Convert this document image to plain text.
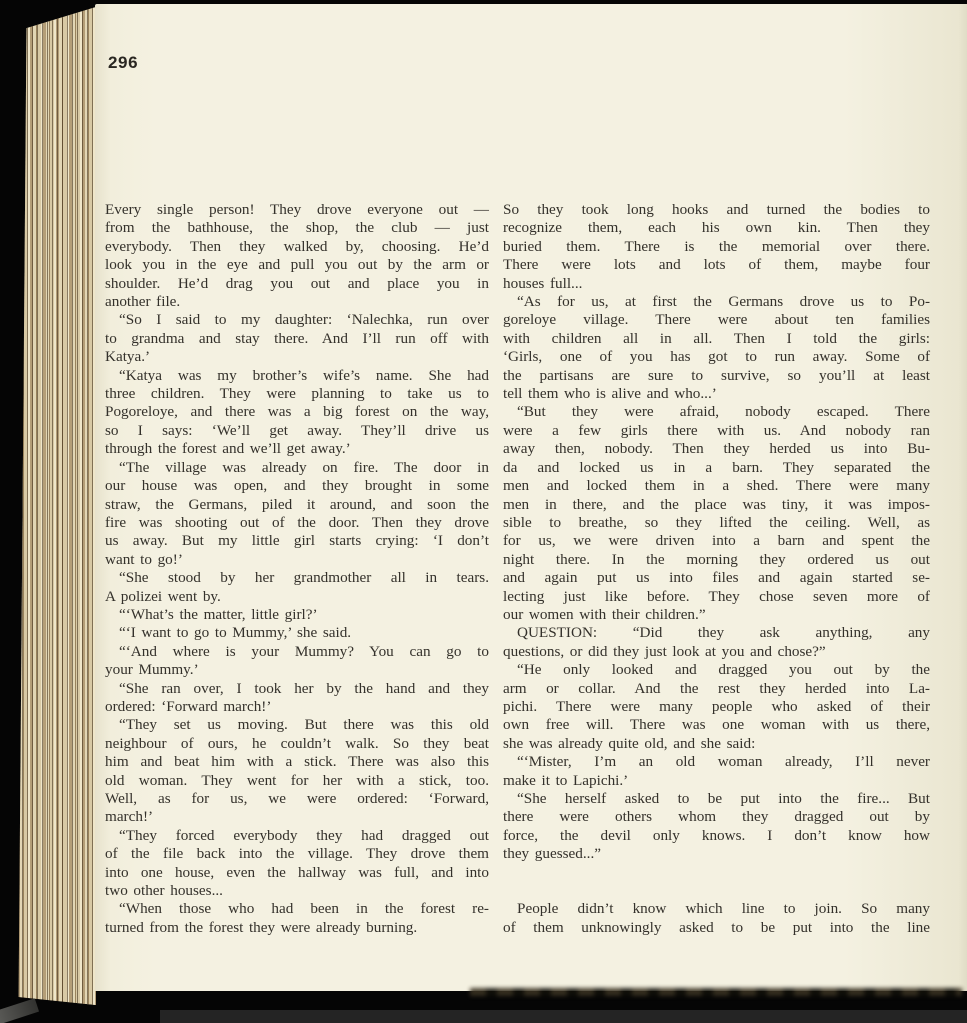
296
Every single person! They drove everyone out —
from the bathhouse, the shop, the club — just
everybody. Then they walked by, choosing. He’d
look you in the eye and pull you out by the arm or
shoulder. He’d drag you out and place you in
another file.
“So I said to my daughter: ‘Nalechka, run over
to grandma and stay there. And I’ll run off with
Katya.’
“Katya was my brother’s wife’s name. She had
three children. They were planning to take us to
Pogoreloye, and there was a big forest on the way,
so I says: ‘We’ll get away. They’ll drive us
through the forest and we’ll get away.’
“The village was already on fire. The door in
our house was open, and they brought in some
straw, the Germans, piled it around, and soon the
fire was shooting out of the door. Then they drove
us away. But my little girl starts crying: ‘I don’t
want to go!’
“She stood by her grandmother all in tears.
A polizei went by.
“‘What’s the matter, little girl?’
“‘I want to go to Mummy,’ she said.
“‘And where is your Mummy? You can go to
your Mummy.’
“She ran over, I took her by the hand and they
ordered: ‘Forward march!’
“They set us moving. But there was this old
neighbour of ours, he couldn’t walk. So they beat
him and beat him with a stick. There was also this
old woman. They went for her with a stick, too.
Well, as for us, we were ordered: ‘Forward,
march!’
“They forced everybody they had dragged out
of the file back into the village. They drove them
into one house, even the hallway was full, and into
two other houses...
“When those who had been in the forest re-
turned from the forest they were already burning.
So they took long hooks and turned the bodies to
recognize them, each his own kin. Then they
buried them. There is the memorial over there.
There were lots and lots of them, maybe four
houses full...
“As for us, at first the Germans drove us to Po-
goreloye village. There were about ten families
with children all in all. Then I told the girls:
‘Girls, one of you has got to run away. Some of
the partisans are sure to survive, so you’ll at least
tell them who is alive and who...’
“But they were afraid, nobody escaped. There
were a few girls there with us. And nobody ran
away then, nobody. Then they herded us into Bu-
da and locked us in a barn. They separated the
men and locked them in a shed. There were many
men in there, and the place was tiny, it was impos-
sible to breathe, so they lifted the ceiling. Well, as
for us, we were driven into a barn and spent the
night there. In the morning they ordered us out
and again put us into files and again started se-
lecting just like before. They chose seven more of
our women with their children.”
QUESTION: “Did they ask anything, any
questions, or did they just look at you and chose?”
“He only looked and dragged you out by the
arm or collar. And the rest they herded into La-
pichi. There were many people who asked of their
own free will. There was one woman with us there,
she was already quite old, and she said:
“‘Mister, I’m an old woman already, I’ll never
make it to Lapichi.’
“She herself asked to be put into the fire... But
there were others whom they dragged out by
force, the devil only knows. I don’t know how
they guessed...”
People didn’t know which line to join. So many
of them unknowingly asked to be put into the line
